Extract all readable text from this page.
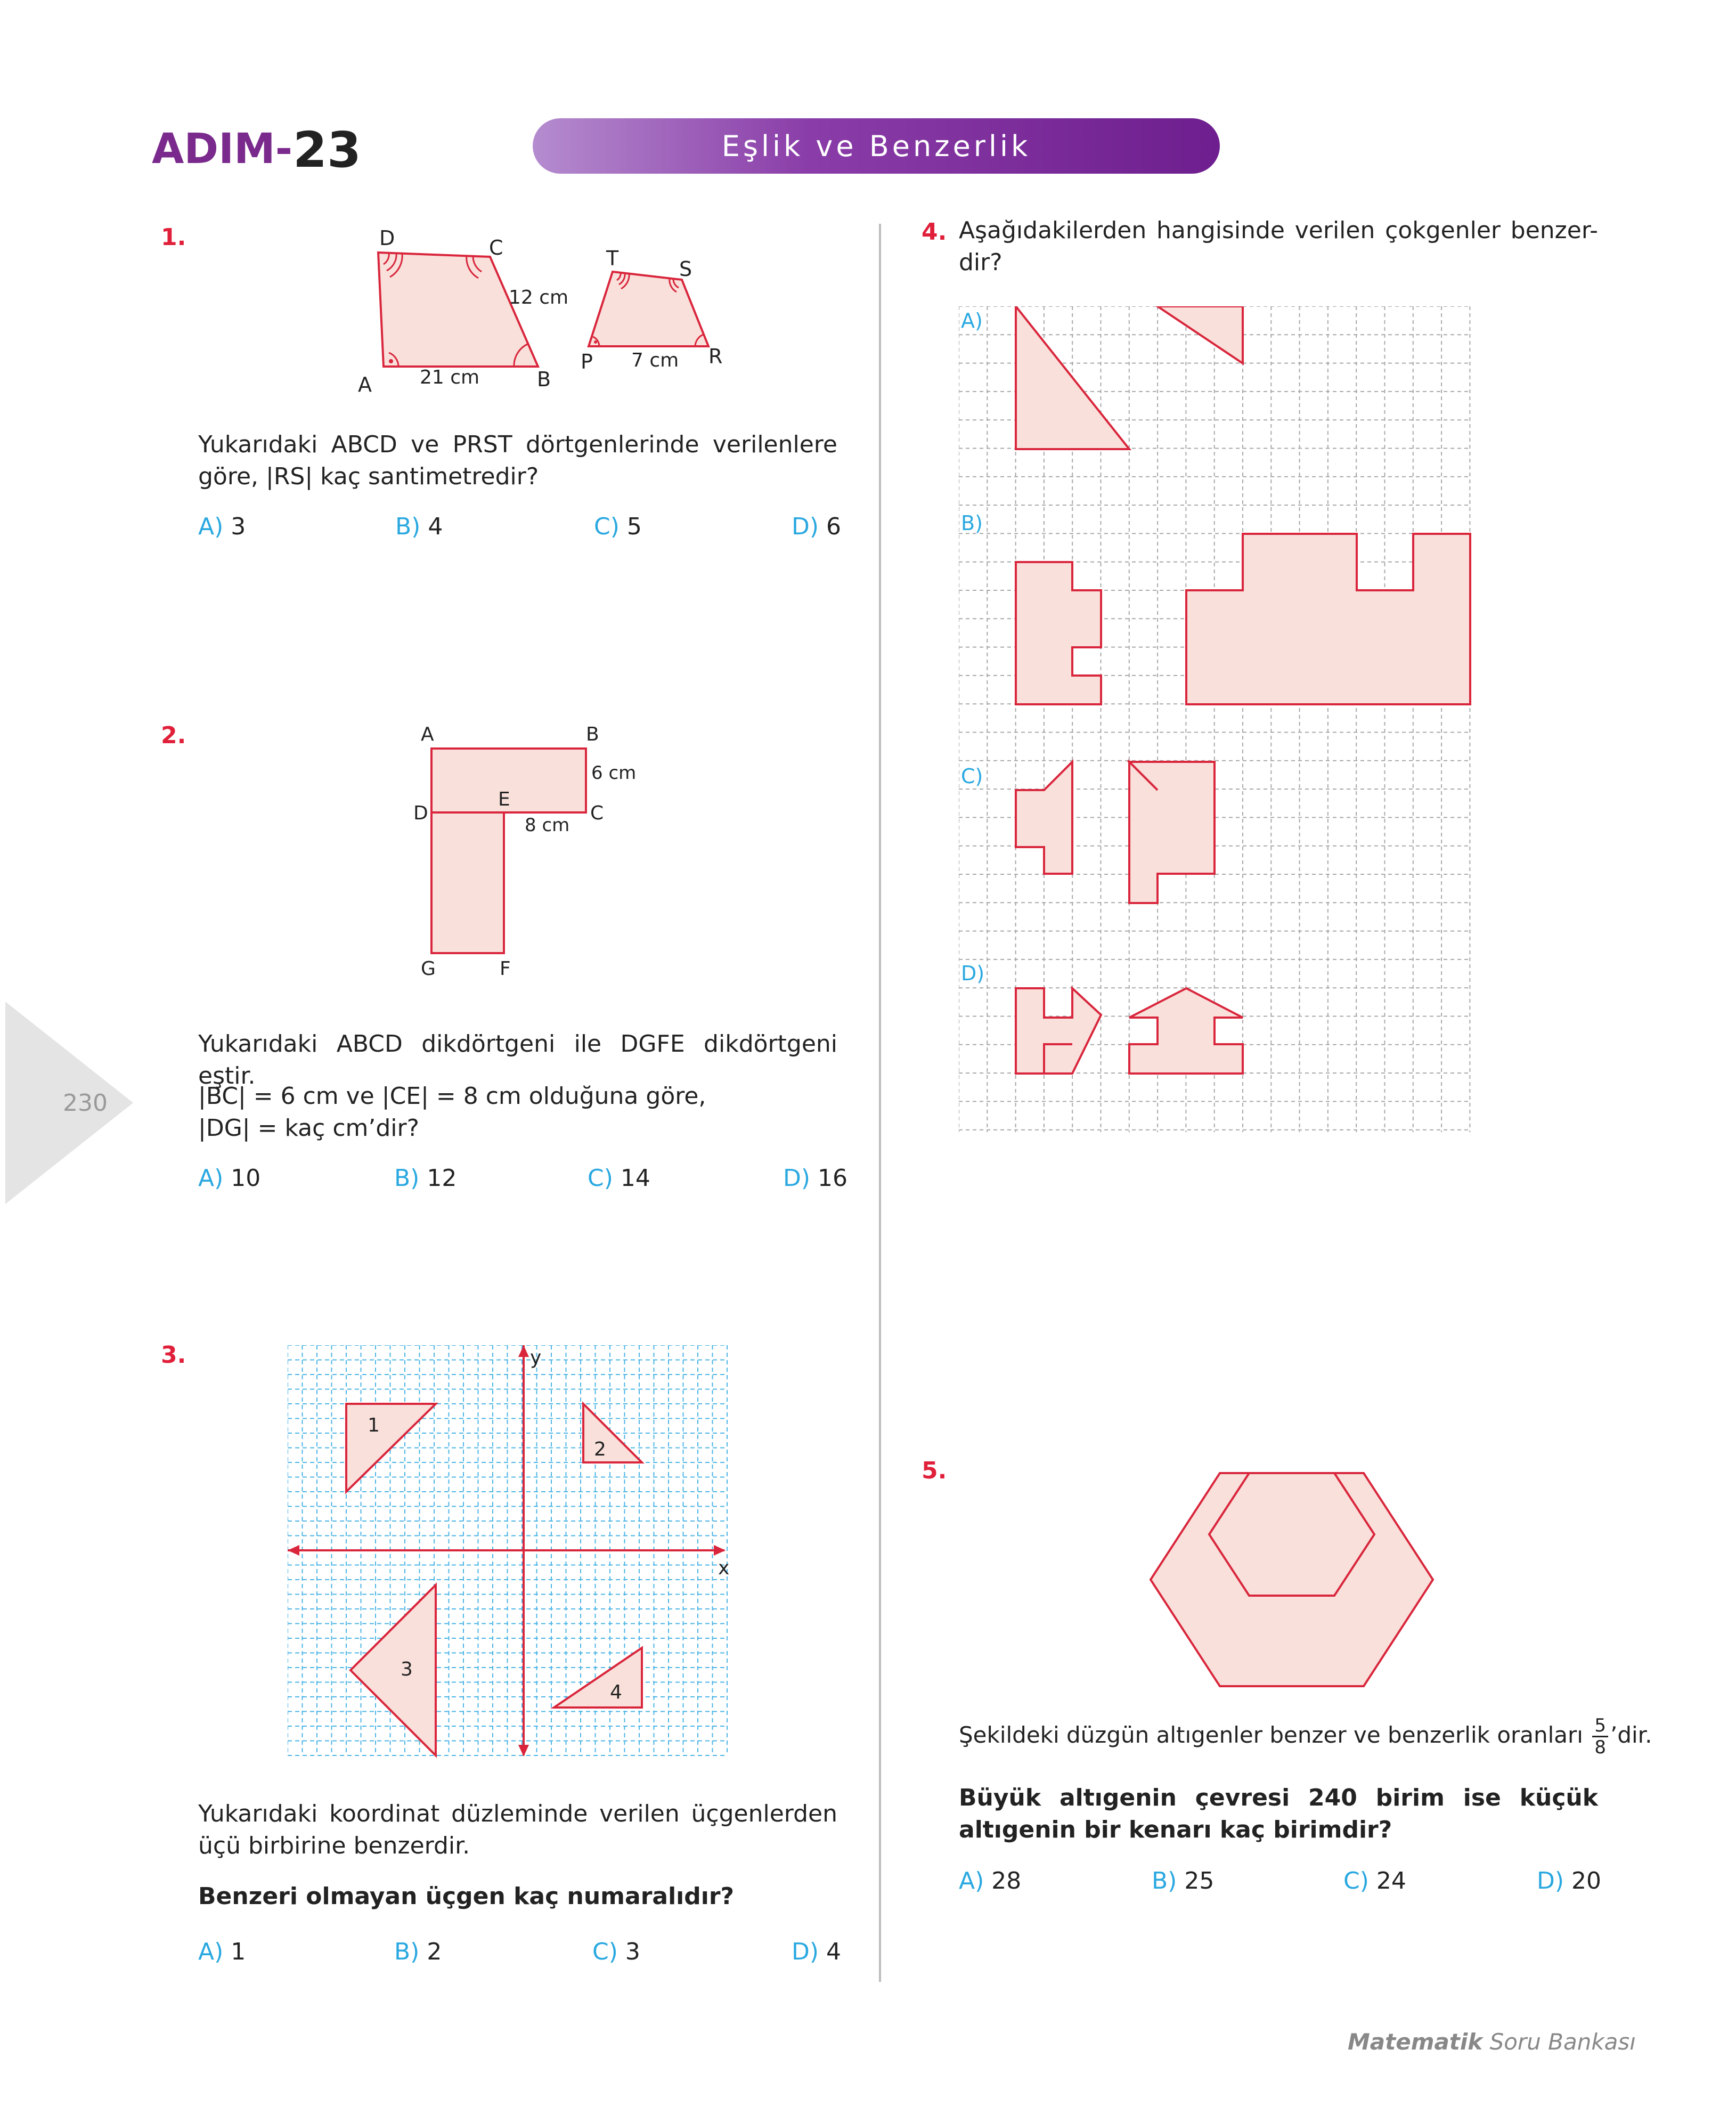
ADIM- 23	Eşlik ve Benzerlik
230
1.
A	B
C
D
P	R
S
T
21 cm
12 cm
7 cm
Yukarıdaki ABCD ve PRST dörtgenlerinde verilenlere göre, |RS| kaç santimetredir?
A) 3	B) 4	C) 5	D) 6
2.	A	B
C
D
E
F
G
6 cm
8 cm
Yukarıdaki ABCD dikdörtgeni ile DGFE dikdörtgeni eştir.
|BC| = 6 cm ve |CE| = 8 cm olduğuna göre,
|DG| = kaç cm’dir?
A) 10	B) 12	C) 14	D) 16
3.	y
x
1
2
3
4
Yukarıdaki koordinat düzleminde verilen üçgenlerden üçü birbirine benzerdir.
Benzeri olmayan üçgen kaç numaralıdır?
A) 1	B) 2	C) 3	D) 4
4. Aşağıdakilerden hangisinde verilen çokgenler benzer-dir?
A)
B)
C)
D)
5.
Şekildeki düzgün altıgenler benzer ve benzerlik oranları $\frac{5}{8}$ ’dir.
Büyük altıgenin çevresi 240 birim ise küçük altıgenin bir kenarı kaç birimdir?
A) 28	B) 25	C) 24	D) 20
Matematik Soru Bankası
